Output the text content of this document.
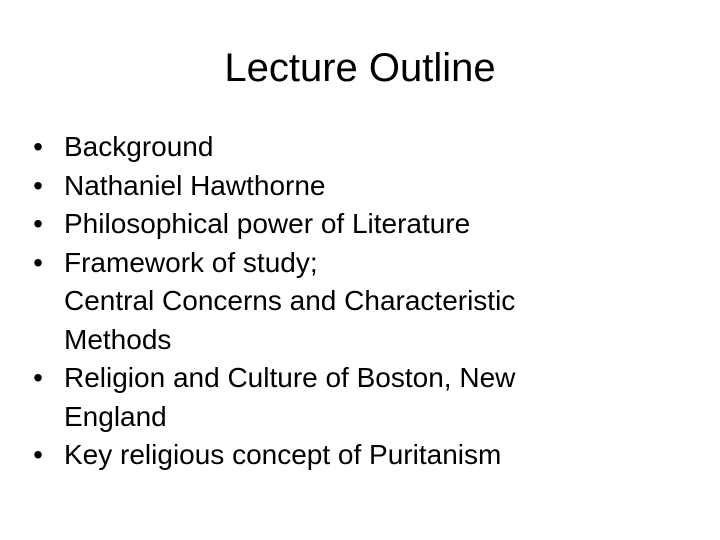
Lecture Outline
• Background
• Nathaniel Hawthorne
• Philosophical power of Literature
• Framework of study;
Central Concerns and Characteristic
Methods
• Religion and Culture of Boston, New
England
• Key religious concept of Puritanism
